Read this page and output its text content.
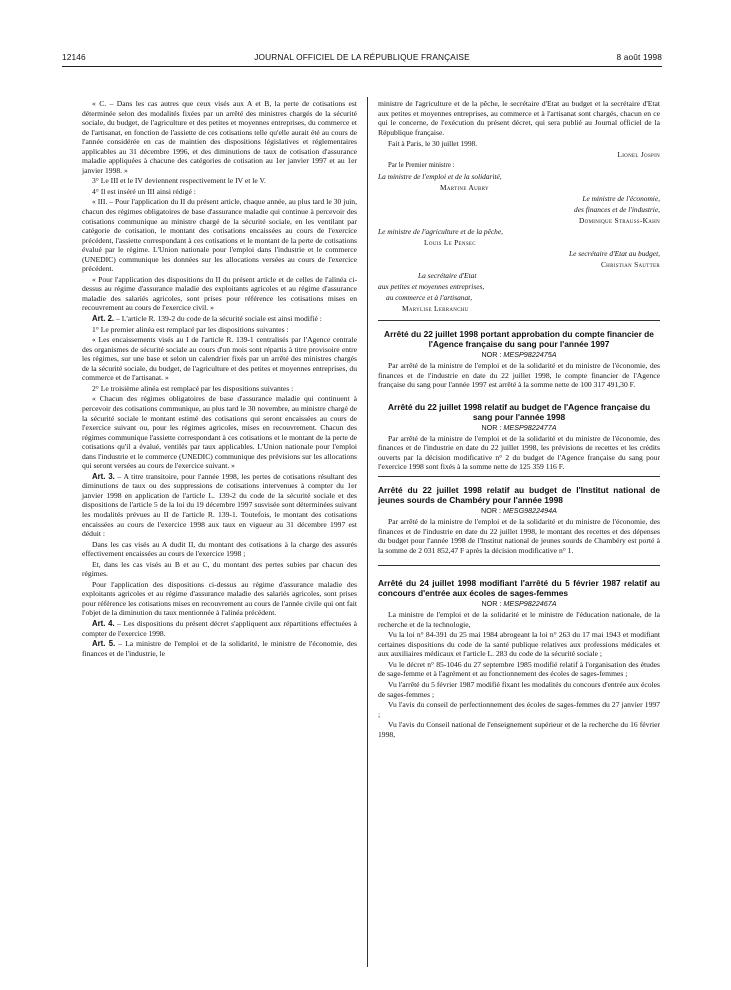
12146	JOURNAL OFFICIEL DE LA RÉPUBLIQUE FRANÇAISE	8 août 1998

« C. – Dans les cas autres que ceux visés aux A et B, la perte de cotisations est déterminée selon des modalités fixées par un arrêté des ministres chargés de la sécurité sociale, du budget, de l'agriculture et des petites et moyennes entreprises, du commerce et de l'artisanat, en fonction de l'assiette de ces cotisations telle qu'elle aurait été au cours de l'année considérée en cas de maintien des dispositions législatives et réglementaires applicables au 31 décembre 1996, et des diminutions de taux de cotisation d'assurance maladie appliquées à chacune des catégories de cotisation au 1er janvier 1997 et au 1er janvier 1998. »

3° Le III et le IV deviennent respectivement le IV et le V.

4° Il est inséré un III ainsi rédigé :

« III. – Pour l'application du II du présent article, chaque année, au plus tard le 30 juin, chacun des régimes obligatoires de base d'assurance maladie qui continue à percevoir des cotisations communique au ministre chargé de la sécurité sociale, en les ventilant par catégorie de cotisation, le montant des cotisations encaissées au cours de l'exercice précédent, l'assiette correspondant à ces cotisations et le montant de la perte de cotisations évalué par le régime. L'Union nationale pour l'emploi dans l'industrie et le commerce (UNEDIC) communique les données sur les allocations versées au cours de l'exercice précédent.

« Pour l'application des dispositions du II du présent article et de celles de l'alinéa ci-dessus au régime d'assurance maladie des exploitants agricoles et au régime d'assurance maladie des salariés agricoles, sont prises pour référence les cotisations mises en recouvrement au cours de l'exercice civil. »

Art. 2. – L'article R. 139-2 du code de la sécurité sociale est ainsi modifié :

1° Le premier alinéa est remplacé par les dispositions suivantes :

« Les encaissements visés au I de l'article R. 139-1 centralisés par l'Agence centrale des organismes de sécurité sociale au cours d'un mois sont répartis à titre provisoire entre les régimes, sur une base et selon un calendrier fixés par un arrêté des ministres chargés de la sécurité sociale, du budget, de l'agriculture et des petites et moyennes entreprises, du commerce et de l'artisanat. »

2° Le troisième alinéa est remplacé par les dispositions suivantes :

« Chacun des régimes obligatoires de base d'assurance maladie qui continuent à percevoir des cotisations communique, au plus tard le 30 novembre, au ministre chargé de la sécurité sociale le montant estimé des cotisations qui seront encaissées au cours de l'exercice suivant ou, pour les régimes agricoles, mises en recouvrement. Chacun des régimes communique l'assiette correspondant à ces cotisations et le montant de la perte de cotisations qu'il a évalué, ventilés par taux applicables. L'Union nationale pour l'emploi dans l'industrie et le commerce (UNEDIC) communique des prévisions sur les allocations qui seront versées au cours de l'exercice suivant. »

Art. 3. – A titre transitoire, pour l'année 1998, les pertes de cotisations résultant des diminutions de taux ou des suppressions de cotisations intervenues à compter du 1er janvier 1998 en application de l'article L. 139-2 du code de la sécurité sociale et des dispositions de l'article 5 de la loi du 19 décembre 1997 susvisée sont déterminées suivant les modalités prévues au II de l'article R. 139-1. Toutefois, le montant des cotisations encaissées au cours de l'exercice 1998 aux taux en vigueur au 31 décembre 1997 est déduit :

Dans les cas visés au A dudit II, du montant des cotisations à la charge des assurés effectivement encaissées au cours de l'exercice 1998 ;

Et, dans les cas visés au B et au C, du montant des pertes subies par chacun des régimes.

Pour l'application des dispositions ci-dessus au régime d'assurance maladie des exploitants agricoles et au régime d'assurance maladie des salariés agricoles, sont prises pour référence les cotisations mises en recouvrement au cours de l'année civile qui ont fait l'objet de la diminution du taux mentionnée à l'alinéa précédent.

Art. 4. – Les dispositions du présent décret s'appliquent aux répartitions effectuées à compter de l'exercice 1998.

Art. 5. – La ministre de l'emploi et de la solidarité, le ministre de l'économie, des finances et de l'industrie, le

ministre de l'agriculture et de la pêche, le secrétaire d'Etat au budget et la secrétaire d'Etat aux petites et moyennes entreprises, au commerce et à l'artisanat sont chargés, chacun en ce qui le concerne, de l'exécution du présent décret, qui sera publié au Journal officiel de la République française.

Fait à Paris, le 30 juillet 1998.
Lionel Jospin
Par le Premier ministre :
La ministre de l'emploi et de la solidarité,
Martine Aubry
Le ministre de l'économie,
des finances et de l'industrie,
Dominique Strauss-Kahn
Le ministre de l'agriculture et de la pêche,
Louis Le Pensec
Le secrétaire d'Etat au budget,
Christian Sautter
La secrétaire d'Etat
aux petites et moyennes entreprises,
au commerce et à l'artisanat,
Marylise Lebranchu

Arrêté du 22 juillet 1998 portant approbation du compte financier de l'Agence française du sang pour l'année 1997

NOR : MESP9822475A

Par arrêté de la ministre de l'emploi et de la solidarité et du ministre de l'économie, des finances et de l'industrie en date du 22 juillet 1998, le compte financier de l'Agence française du sang pour l'année 1997 est arrêté à la somme nette de 100 317 491,30 F.

Arrêté du 22 juillet 1998 relatif au budget de l'Agence française du sang pour l'année 1998

NOR : MESP9822477A

Par arrêté de la ministre de l'emploi et de la solidarité et du ministre de l'économie, des finances et de l'industrie en date du 22 juillet 1998, les prévisions de recettes et les crédits ouverts par la décision modificative n° 2 du budget de l'Agence française du sang pour l'exercice 1998 sont fixés à la somme nette de 125 359 116 F.

Arrêté du 22 juillet 1998 relatif au budget de l'Institut national de jeunes sourds de Chambéry pour l'année 1998

NOR : MESG9822494A

Par arrêté de la ministre de l'emploi et de la solidarité et du ministre de l'économie, des finances et de l'industrie en date du 22 juillet 1998, le montant des recettes et des dépenses du budget pour l'année 1998 de l'Institut national de jeunes sourds de Chambéry est porté à la somme de 2 031 852,47 F après la décision modificative n° 1.

Arrêté du 24 juillet 1998 modifiant l'arrêté du 5 février 1987 relatif au concours d'entrée aux écoles de sages-femmes

NOR : MESP9822467A

La ministre de l'emploi et de la solidarité et le ministre de l'éducation nationale, de la recherche et de la technologie,

Vu la loi n° 84-391 du 25 mai 1984 abrogeant la loi n° 263 du 17 mai 1943 et modifiant certaines dispositions du code de la santé publique relatives aux professions médicales et aux auxiliaires médicaux et l'article L. 283 du code de la sécurité sociale ;

Vu le décret n° 85-1046 du 27 septembre 1985 modifié relatif à l'organisation des études de sage-femme et à l'agrément et au fonctionnement des écoles de sages-femmes ;

Vu l'arrêté du 5 février 1987 modifié fixant les modalités du concours d'entrée aux écoles de sages-femmes ;

Vu l'avis du conseil de perfectionnement des écoles de sages-femmes du 27 janvier 1997 ;

Vu l'avis du Conseil national de l'enseignement supérieur et de la recherche du 16 février 1998,
